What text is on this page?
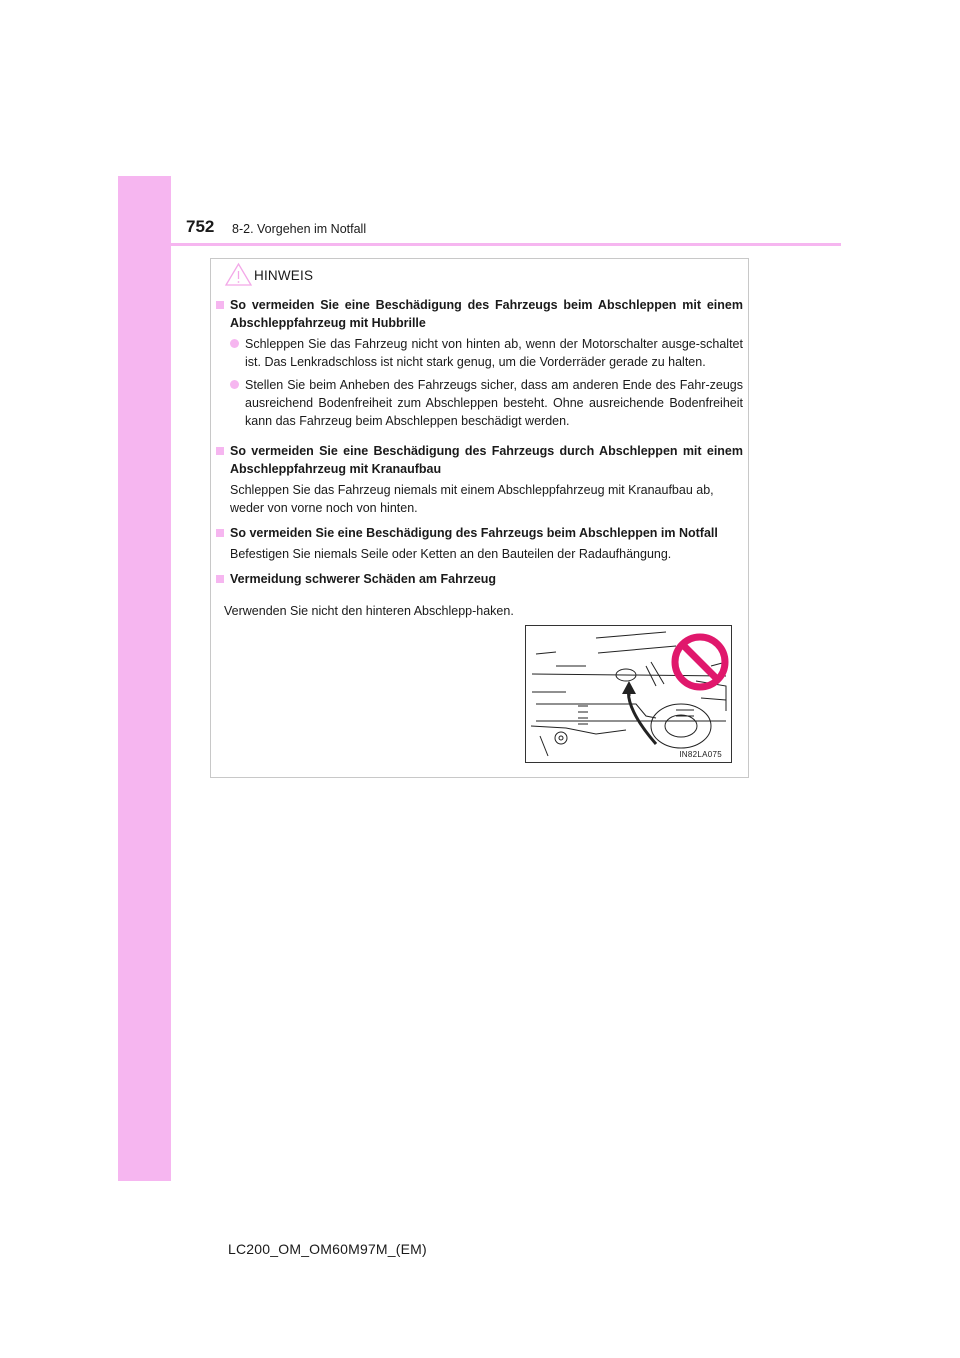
752 8-2. Vorgehen im Notfall
HINWEIS
So vermeiden Sie eine Beschädigung des Fahrzeugs beim Abschleppen mit einem Abschleppfahrzeug mit Hubbrille
Schleppen Sie das Fahrzeug nicht von hinten ab, wenn der Motorschalter ausge-schaltet ist. Das Lenkradschloss ist nicht stark genug, um die Vorderräder gerade zu halten.
Stellen Sie beim Anheben des Fahrzeugs sicher, dass am anderen Ende des Fahr-zeugs ausreichend Bodenfreiheit zum Abschleppen besteht. Ohne ausreichende Bodenfreiheit kann das Fahrzeug beim Abschleppen beschädigt werden.
So vermeiden Sie eine Beschädigung des Fahrzeugs durch Abschleppen mit einem Abschleppfahrzeug mit Kranaufbau
Schleppen Sie das Fahrzeug niemals mit einem Abschleppfahrzeug mit Kranaufbau ab, weder von vorne noch von hinten.
So vermeiden Sie eine Beschädigung des Fahrzeugs beim Abschleppen im Notfall
Befestigen Sie niemals Seile oder Ketten an den Bauteilen der Radaufhängung.
Vermeidung schwerer Schäden am Fahrzeug
Verwenden Sie nicht den hinteren Abschlepp-haken.
IN82LA075
LC200_OM_OM60M97M_(EM)
